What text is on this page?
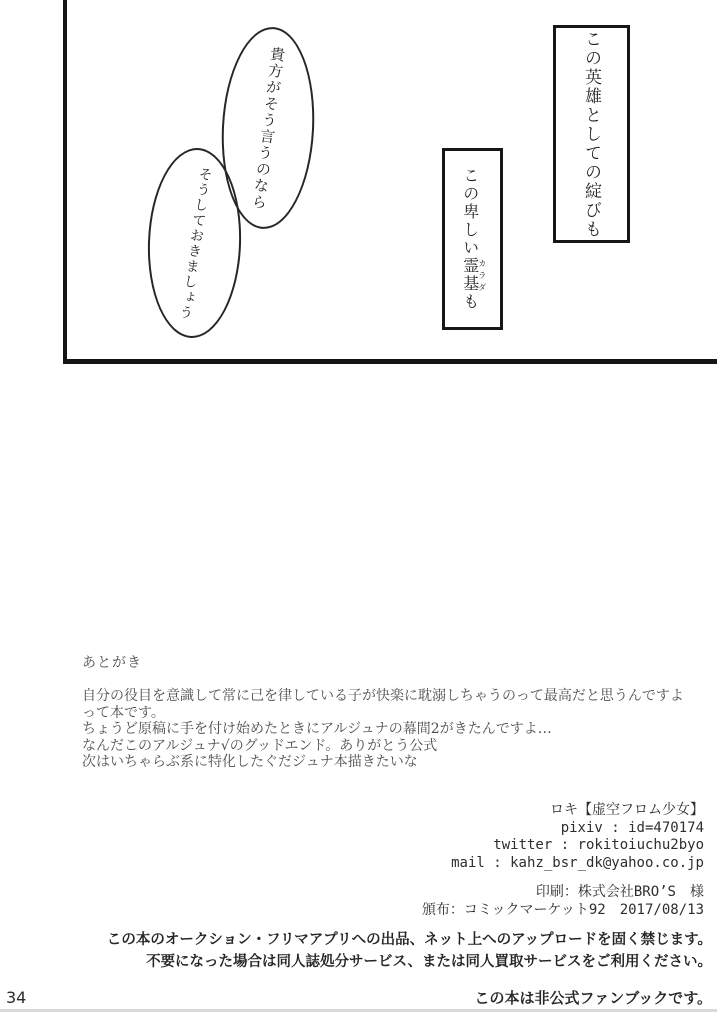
この英雄としての綻びも
この卑しい霊基カラダも
貴方がそう言うのなら
そうしておきましょう
あとがき
自分の役目を意識して常に己を律している子が快楽に耽溺しちゃうのって最高だと思うんですよ
って本です。
ちょうど原稿に手を付け始めたときにアルジュナの幕間2がきたんですよ…
なんだこのアルジュナ√のグッドエンド。ありがとう公式
次はいちゃらぶ系に特化したぐだジュナ本描きたいな
ロキ【虚空フロム少女】
pixiv : id=470174
twitter : rokitoiuchu2byo
mail : kahz_bsr_dk@yahoo.co.jp
印刷：株式会社BRO’S　様
頒布：コミックマーケット92　2017/08/13
この本のオークション・フリマアプリへの出品、ネット上へのアップロードを固く禁じます。
不要になった場合は同人誌処分サービス、または同人買取サービスをご利用ください。
この本は非公式ファンブックです。
34
